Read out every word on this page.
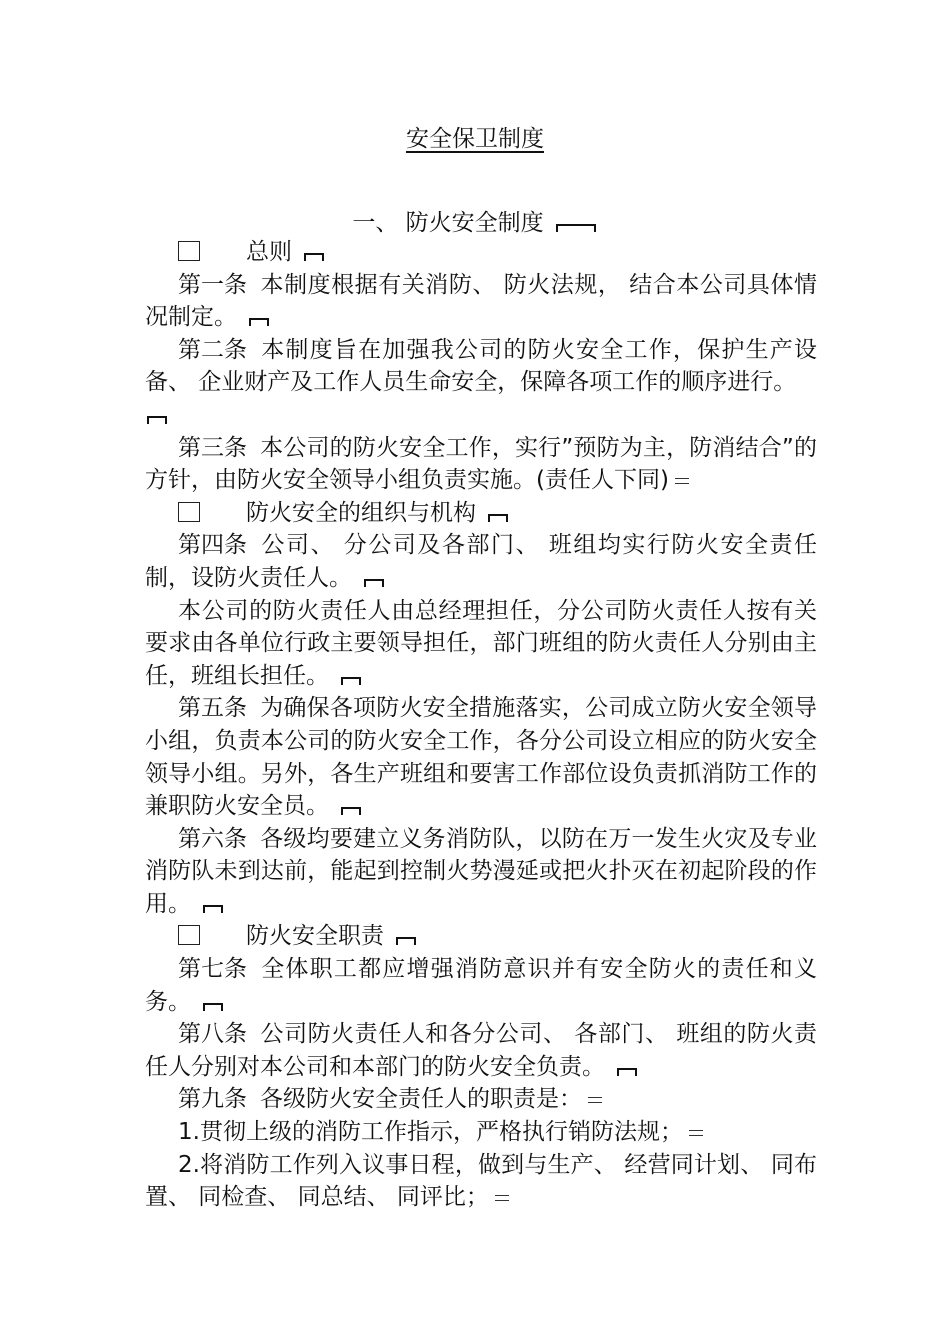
安全保卫制度
一、 防火安全制度

总则

第一条 本制度根据有关消防、 防火法规， 结合本公司具体情况制定。

第二条 本制度旨在加强我公司的防火安全工作，保护生产设备、 企业财产及工作人员生命安全，保障各项工作的顺序进行。

第三条 本公司的防火安全工作，实行”预防为主，防消结合”的方针，由防火安全领导小组负责实施。(责任人下同)

防火安全的组织与机构

第四条 公司、 分公司及各部门、 班组均实行防火安全责任制，设防火责任人。

本公司的防火责任人由总经理担任，分公司防火责任人按有关要求由各单位行政主要领导担任，部门班组的防火责任人分别由主任，班组长担任。

第五条 为确保各项防火安全措施落实，公司成立防火安全领导小组，负责本公司的防火安全工作，各分公司设立相应的防火安全领导小组。另外，各生产班组和要害工作部位设负责抓消防工作的兼职防火安全员。

第六条 各级均要建立义务消防队，以防在万一发生火灾及专业消防队未到达前，能起到控制火势漫延或把火扑灭在初起阶段的作用。

防火安全职责

第七条 全体职工都应增强消防意识并有安全防火的责任和义务。

第八条 公司防火责任人和各分公司、 各部门、 班组的防火责任人分别对本公司和本部门的防火安全负责。

第九条 各级防火安全责任人的职责是：

1.贯彻上级的消防工作指示，严格执行销防法规；

2.将消防工作列入议事日程，做到与生产、 经营同计划、 同布置、 同检查、 同总结、 同评比；
